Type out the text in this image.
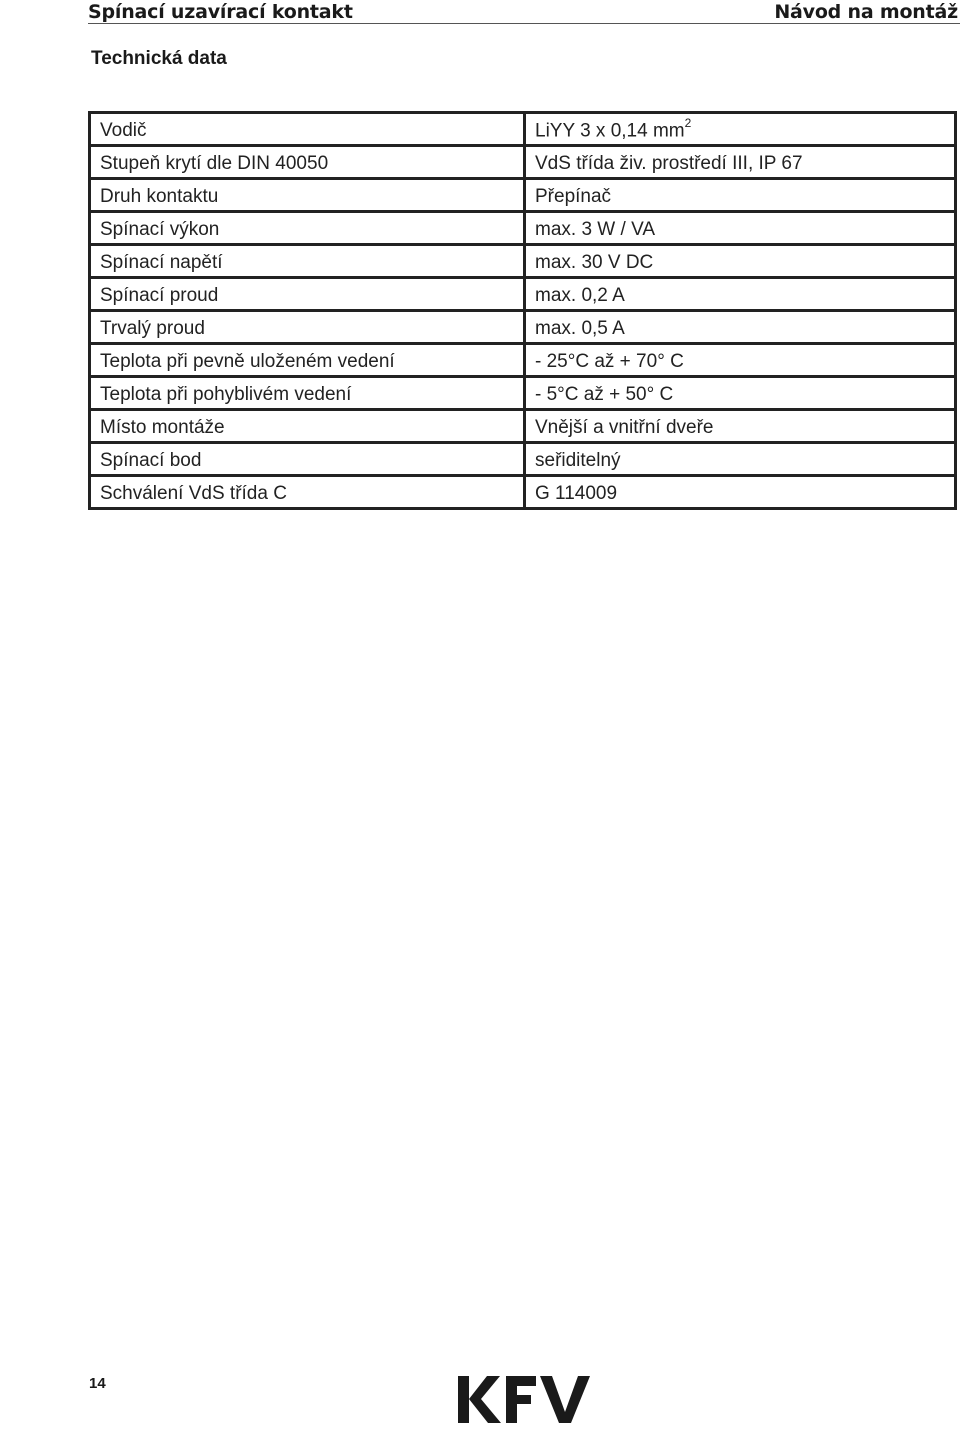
Spínací uzavírací kontakt	Návod na montáž
Technická data
Vodič	LiYY 3 x 0,14 $mm^2$
Stupeň krytí dle DIN 40050	VdS třída živ. prostředí III, IP 67
Druh kontaktu	Přepínač
Spínací výkon	max. 3 W / VA
Spínací napětí	max. 30 V DC
Spínací proud	max. 0,2 A
Trvalý proud	max. 0,5 A
Teplota při pevně uloženém vedení	- 25°C až + 70° C
Teplota při pohyblivém vedení	- 5°C až + 50° C
Místo montáže	Vnější a vnitřní dveře
Spínací bod	seřiditelný
Schválení VdS třída C	G 114009
14
